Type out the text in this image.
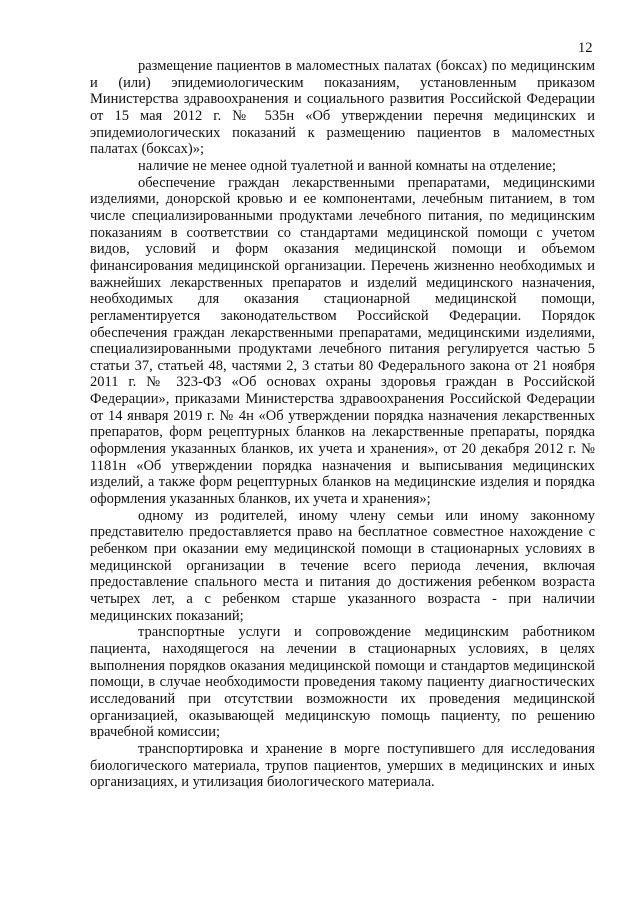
12

размещение пациентов в маломестных палатах (боксах) по медицинским и (или) эпидемиологическим показаниям, установленным приказом Министерства здравоохранения и социального развития Российской Федерации от 15 мая 2012 г. № 535н «Об утверждении перечня медицинских и эпидемиологических показаний к размещению пациентов в маломестных палатах (боксах)»;

наличие не менее одной туалетной и ванной комнаты на отделение;

обеспечение граждан лекарственными препаратами, медицинскими изделиями, донорской кровью и ее компонентами, лечебным питанием, в том числе специализированными продуктами лечебного питания, по медицинским показаниям в соответствии со стандартами медицинской помощи с учетом видов, условий и форм оказания медицинской помощи и объемом финансирования медицинской организации. Перечень жизненно необходимых и важнейших лекарственных препаратов и изделий медицинского назначения, необходимых для оказания стационарной медицинской помощи, регламентируется законодательством Российской Федерации. Порядок обеспечения граждан лекарственными препаратами, медицинскими изделиями, специализированными продуктами лечебного питания регулируется частью 5 статьи 37, статьей 48, частями 2, 3 статьи 80 Федерального закона от 21 ноября 2011 г. № 323-ФЗ «Об основах охраны здоровья граждан в Российской Федерации», приказами Министерства здравоохранения Российской Федерации от 14 января 2019 г. № 4н «Об утверждении порядка назначения лекарственных препаратов, форм рецептурных бланков на лекарственные препараты, порядка оформления указанных бланков, их учета и хранения», от 20 декабря 2012 г. № 1181н «Об утверждении порядка назначения и выписывания медицинских изделий, а также форм рецептурных бланков на медицинские изделия и порядка оформления указанных бланков, их учета и хранения»;

одному из родителей, иному члену семьи или иному законному представителю предоставляется право на бесплатное совместное нахождение с ребенком при оказании ему медицинской помощи в стационарных условиях в медицинской организации в течение всего периода лечения, включая предоставление спального места и питания до достижения ребенком возраста четырех лет, а с ребенком старше указанного возраста - при наличии медицинских показаний;

транспортные услуги и сопровождение медицинским работником пациента, находящегося на лечении в стационарных условиях, в целях выполнения порядков оказания медицинской помощи и стандартов медицинской помощи, в случае необходимости проведения такому пациенту диагностических исследований при отсутствии возможности их проведения медицинской организацией, оказывающей медицинскую помощь пациенту, по решению врачебной комиссии;

транспортировка и хранение в морге поступившего для исследования биологического материала, трупов пациентов, умерших в медицинских и иных организациях, и утилизация биологического материала.
